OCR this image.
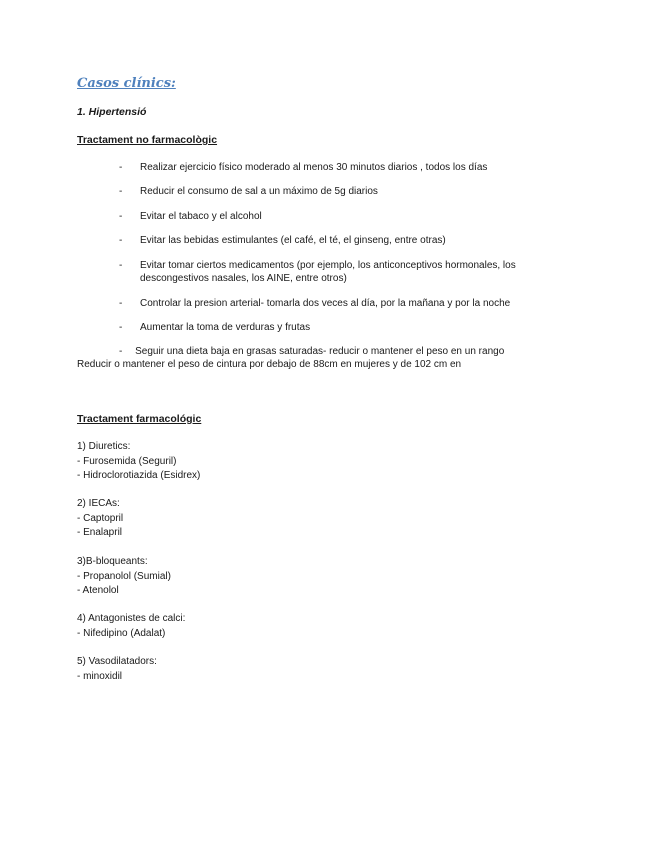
Casos clínics:
1. Hipertensió
Tractament no farmacològic
- Realizar ejercicio físico moderado al menos 30 minutos diarios , todos los días
- Reducir el consumo de sal a un máximo de 5g diarios
- Evitar el tabaco y el alcohol
- Evitar las bebidas estimulantes (el café, el té, el ginseng, entre otras)
- Evitar tomar ciertos medicamentos (por ejemplo, los anticonceptivos hormonales, los descongestivos nasales, los AINE, entre otros)
- Controlar la presion arterial- tomarla dos veces al día, por la mañana y por la noche
- Aumentar la toma de verduras y frutas
- Seguir una dieta baja en grasas saturadas- reducir o mantener el peso en un rango
Reducir o mantener el peso de cintura por debajo de 88cm en mujeres y de 102 cm en
Tractament farmacológic
1) Diuretics:
- Furosemida (Seguril)
- Hidroclorotiazida (Esidrex)
2) IECAs:
- Captopril
- Enalapril
3)B-bloqueants:
- Propanolol (Sumial)
- Atenolol
4) Antagonistes de calci:
- Nifedipino (Adalat)
5) Vasodilatadors:
- minoxidil
